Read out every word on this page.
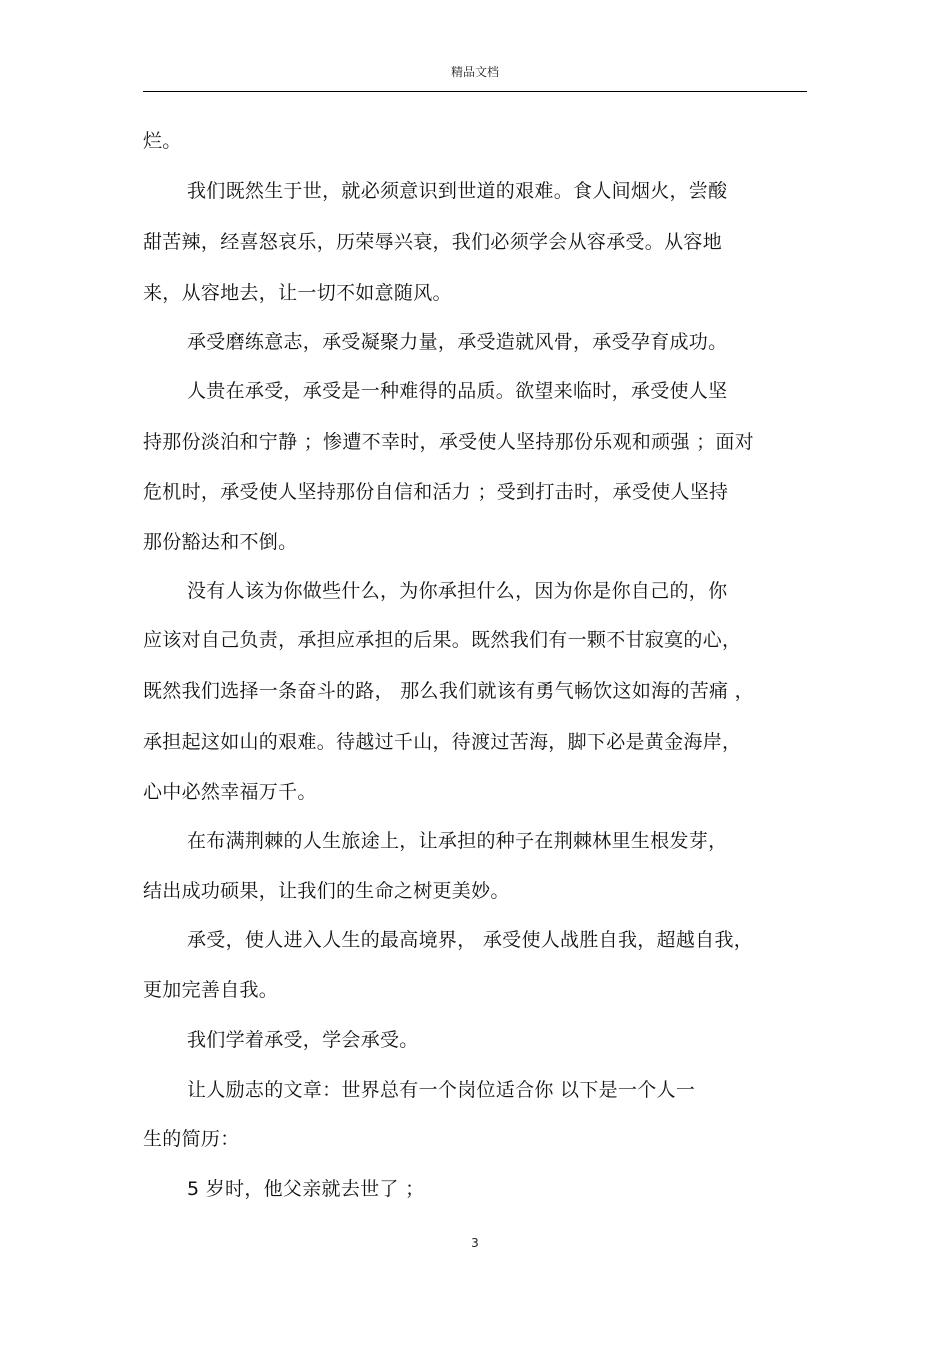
精品文档
烂。
我们既然生于世，就必须意识到世道的艰难。食人间烟火，尝酸
甜苦辣，经喜怒哀乐，历荣辱兴衰，我们必须学会从容承受。从容地
来，从容地去，让一切不如意随风。
承受磨练意志，承受凝聚力量，承受造就风骨，承受孕育成功。
人贵在承受，承受是一种难得的品质。欲望来临时，承受使人坚
持那份淡泊和宁静 ；惨遭不幸时，承受使人坚持那份乐观和顽强 ；面对
危机时，承受使人坚持那份自信和活力 ；受到打击时，承受使人坚持
那份豁达和不倒。
没有人该为你做些什么，为你承担什么，因为你是你自己的，你
应该对自己负责，承担应承担的后果。既然我们有一颗不甘寂寞的心，
既然我们选择一条奋斗的路， 那么我们就该有勇气畅饮这如海的苦痛 ，
承担起这如山的艰难。待越过千山，待渡过苦海，脚下必是黄金海岸，
心中必然幸福万千。
在布满荆棘的人生旅途上，让承担的种子在荆棘林里生根发芽，
结出成功硕果，让我们的生命之树更美妙。
承受，使人进入人生的最高境界， 承受使人战胜自我，超越自我，
更加完善自我。
我们学着承受，学会承受。
让人励志的文章：世界总有一个岗位适合你 以下是一个人一
生的简历：
5 岁时，他父亲就去世了 ；
3
